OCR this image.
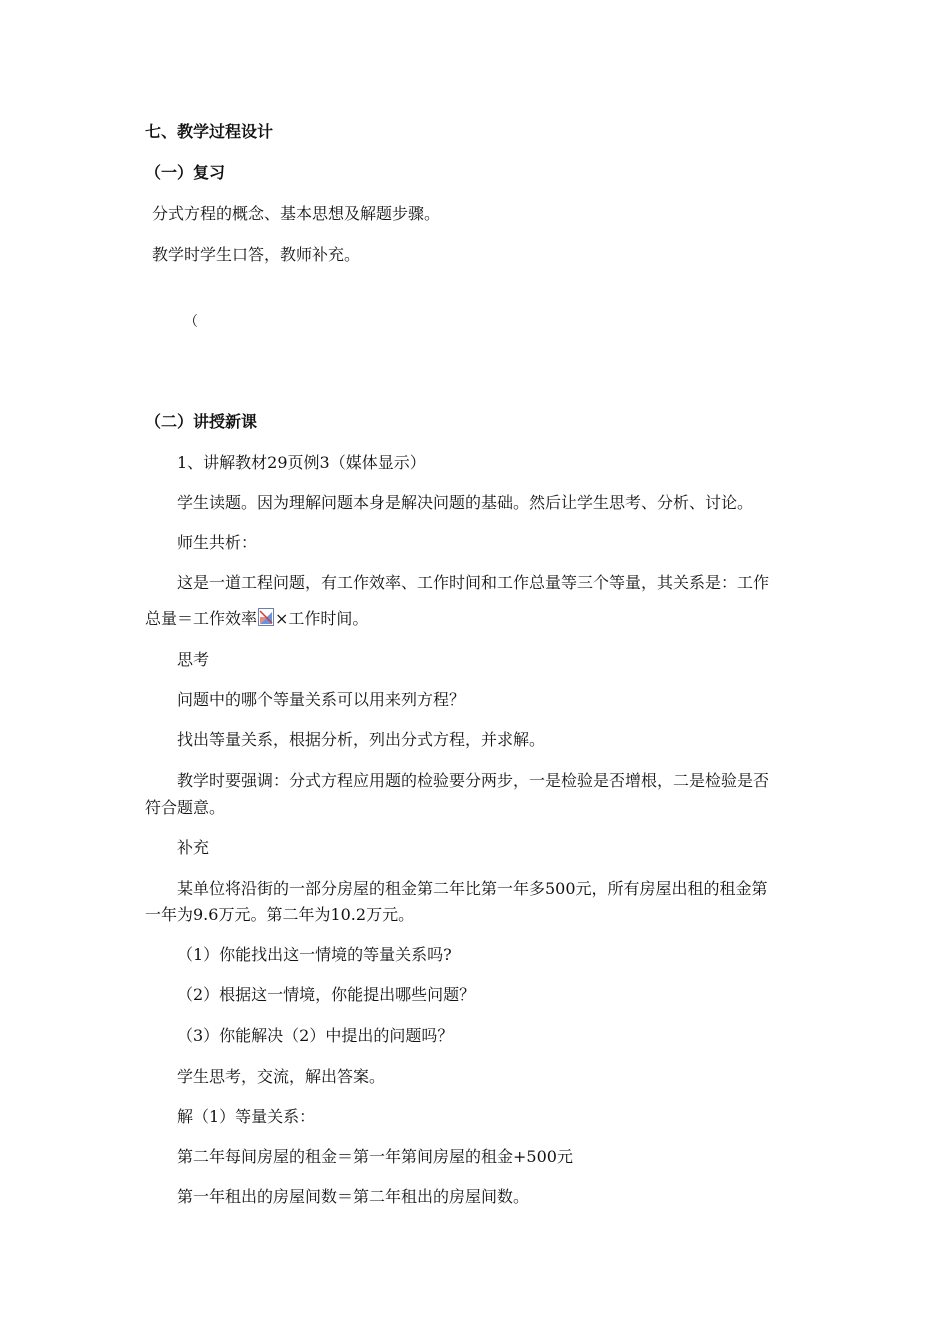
七、教学过程设计
（一）复习
分式方程的概念、基本思想及解题步骤。
教学时学生口答，教师补充。
（
（二）讲授新课
1、讲解教材29页例3（媒体显示）
学生读题。因为理解问题本身是解决问题的基础。然后让学生思考、分析、讨论。
师生共析：
这是一道工程问题，有工作效率、工作时间和工作总量等三个等量，其关系是：工作
总量＝工作效率 ×工作时间。
思考
问题中的哪个等量关系可以用来列方程？
找出等量关系，根据分析，列出分式方程，并求解。
教学时要强调：分式方程应用题的检验要分两步，一是检验是否增根，二是检验是否
符合题意。
补充
某单位将沿街的一部分房屋的租金第二年比第一年多500元，所有房屋出租的租金第
一年为9.6万元。第二年为10.2万元。
（1）你能找出这一情境的等量关系吗?
（2）根据这一情境，你能提出哪些问题？
（3）你能解决（2）中提出的问题吗？
学生思考，交流，解出答案。
解（1）等量关系：
第二年每间房屋的租金＝第一年第间房屋的租金+500元
第一年租出的房屋间数＝第二年租出的房屋间数。
